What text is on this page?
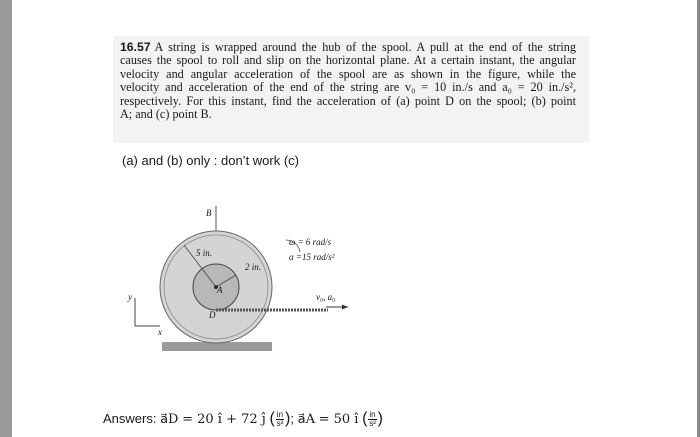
16.57 A string is wrapped around the hub of the spool. A pull at the end of the string
causes the spool to roll and slip on the horizontal plane. At a certain instant, the angular
velocity and angular acceleration of the spool are as shown in the figure, while the
velocity and acceleration of the end of the string are v₀ = 10 in./s and a₀ = 20 in./s²,
respectively. For this instant, find the acceleration of (a) point D on the spool; (b) point
A; and (c) point B.
(a) and (b) only : don’t work (c)
B
A
D
5 in.
2 in.
ω = 6 rad/s
α =15 rad/s²
v₀, a₀
y
x
Answers: a⃗D = 20 î + 72 ĵ ( $\frac{in}{\text{s²}}$ ); a⃗A = 50 î ( $\frac{in}{\text{s²}}$ )
